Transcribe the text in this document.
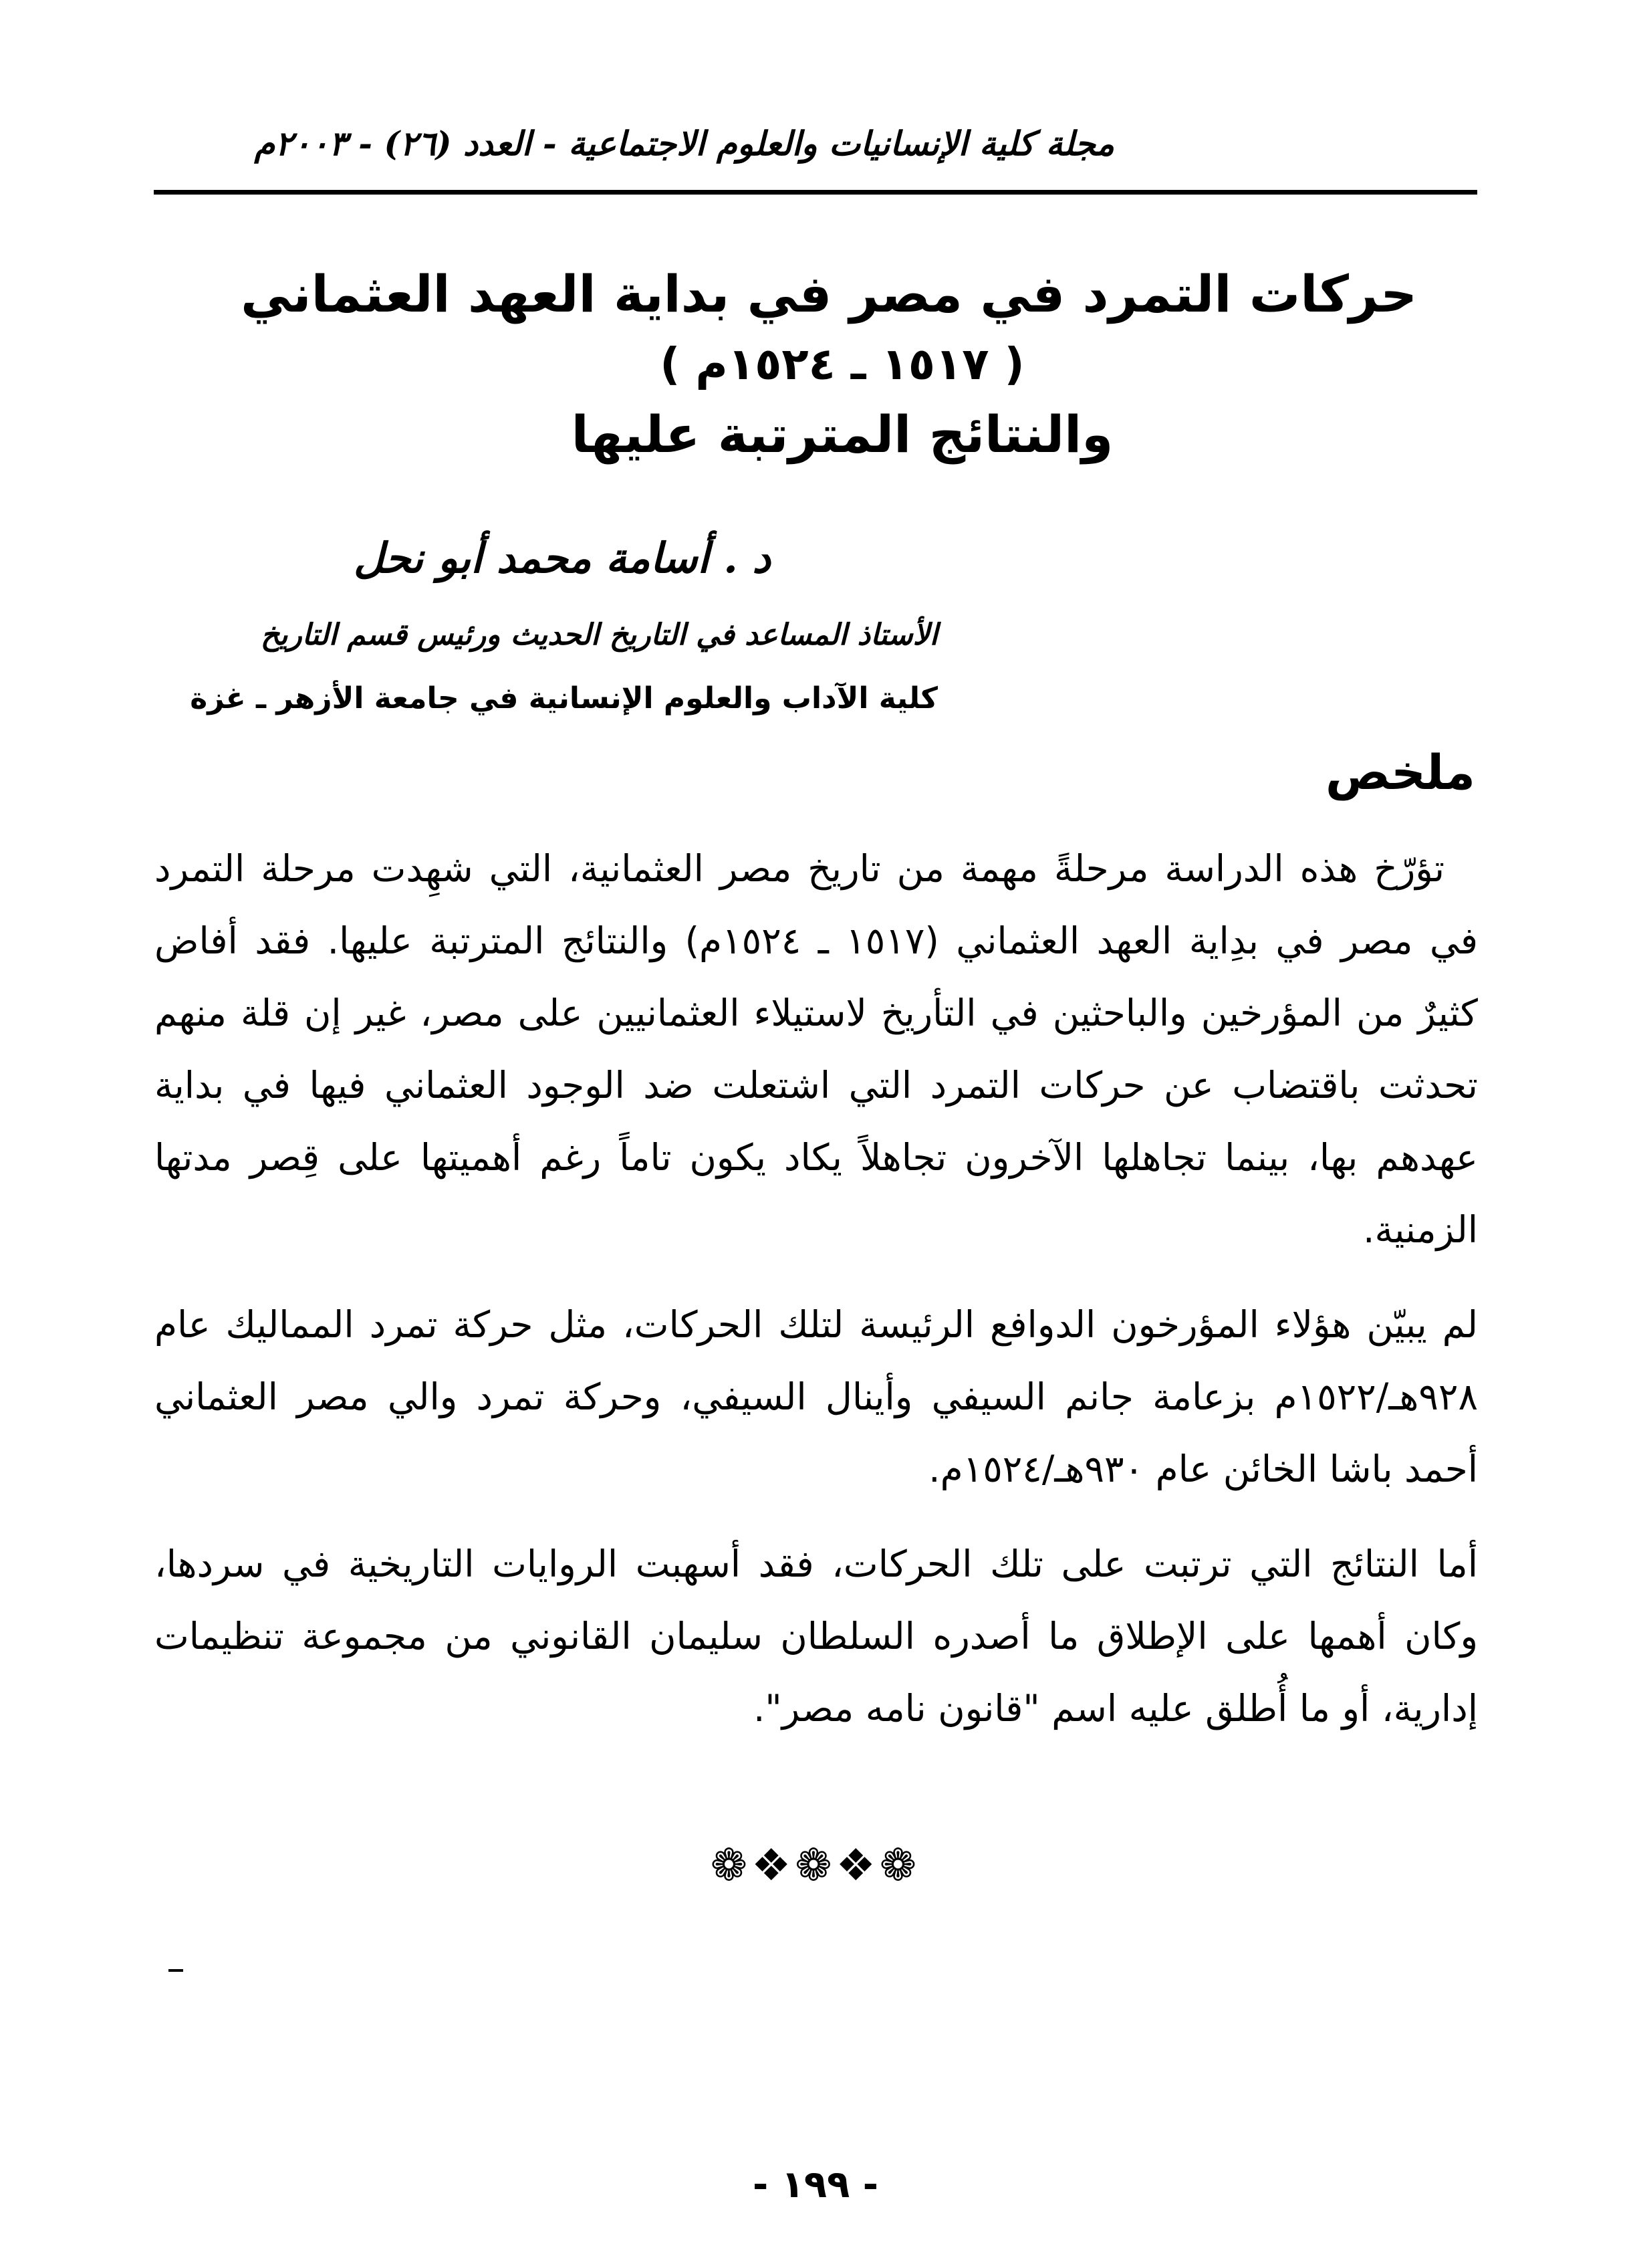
مجلة كلية الإنسانيات والعلوم الاجتماعية - العدد (٢٦) - ٢٠٠٣م
حركات التمرد في مصر في بداية العهد العثماني
( ١٥١٧ ـ ١٥٢٤م )
والنتائج المترتبة عليها
د . أسامة محمد أبو نحل
الأستاذ المساعد في التاريخ الحديث ورئيس قسم التاريخ
كلية الآداب والعلوم الإنسانية في جامعة الأزهر ـ غزة
ملخص

تؤرّخ هذه الدراسة مرحلةً مهمة من تاريخ مصر العثمانية، التي شهِدت مرحلة التمرد في مصر في بدِاية العهد العثماني (١٥١٧ ـ ١٥٢٤م) والنتائج المترتبة عليها. فقد أفاض كثيرٌ من المؤرخين والباحثين في التأريخ لاستيلاء العثمانيين على مصر، غير إن قلة منهم تحدثت باقتضاب عن حركات التمرد التي اشتعلت ضد الوجود العثماني فيها في بداية عهدهم بها، بينما تجاهلها الآخرون تجاهلاً يكاد يكون تاماً رغم أهميتها على قِصر مدتها الزمنية.

لم يبيّن هؤلاء المؤرخون الدوافع الرئيسة لتلك الحركات، مثل حركة تمرد المماليك عام ٩٢٨هـ/١٥٢٢م بزعامة جانم السيفي وأينال السيفي، وحركة تمرد والي مصر العثماني أحمد باشا الخائن عام ٩٣٠هـ/١٥٢٤م.

أما النتائج التي ترتبت على تلك الحركات، فقد أسهبت الروايات التاريخية في سردها، وكان أهمها على الإطلاق ما أصدره السلطان سليمان القانوني من مجموعة تنظيمات إدارية، أو ما أُطلق عليه اسم "قانون نامه مصر".

❁❖❁❖❁
- ١٩٩ -
